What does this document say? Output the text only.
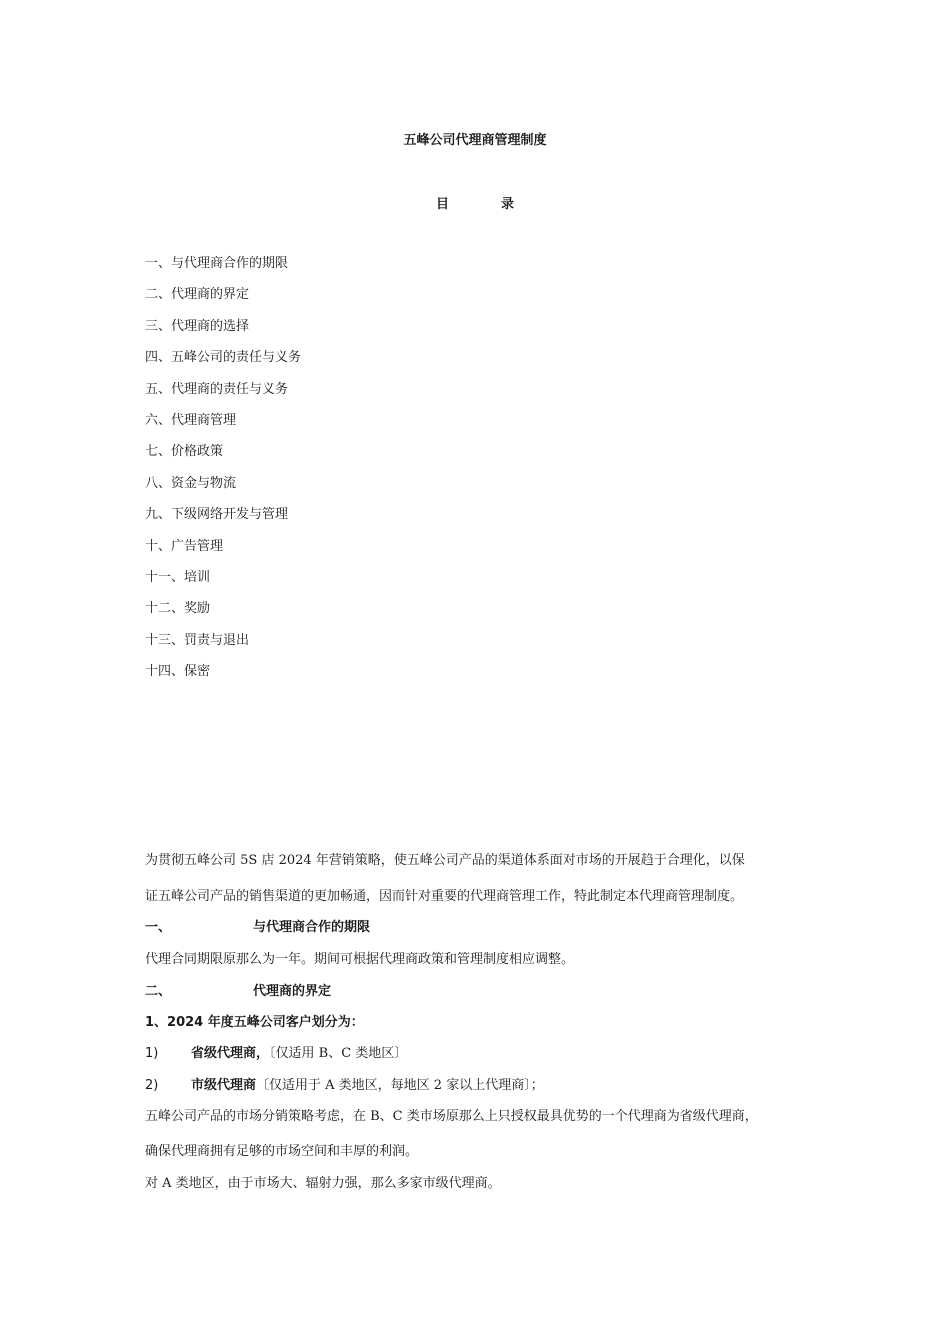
五峰公司代理商管理制度
目	录
一、与代理商合作的期限
二、代理商的界定
三、代理商的选择
四、五峰公司的责任与义务
五、代理商的责任与义务
六、代理商管理
七、价格政策
八、资金与物流
九、下级网络开发与管理
十、广告管理
十一、培训
十二、奖励
十三、罚责与退出
十四、保密
为贯彻五峰公司 5S 店 2024 年营销策略，使五峰公司产品的渠道体系面对市场的开展趋于合理化，以保
证五峰公司产品的销售渠道的更加畅通，因而针对重要的代理商管理工作，特此制定本代理商管理制度。
一、	与代理商合作的期限
代理合同期限原那么为一年。期间可根据代理商政策和管理制度相应调整。
二、	代理商的界定
1、2024 年度五峰公司客户划分为：
1)	省级代理商，〔仅适用 B、C 类地区〕
2)	市级代理商〔仅适用于 A 类地区，每地区 2 家以上代理商〕；
五峰公司产品的市场分销策略考虑，在 B、C 类市场原那么上只授权最具优势的一个代理商为省级代理商，
确保代理商拥有足够的市场空间和丰厚的利润。
对 A 类地区，由于市场大、辐射力强，那么多家市级代理商。
